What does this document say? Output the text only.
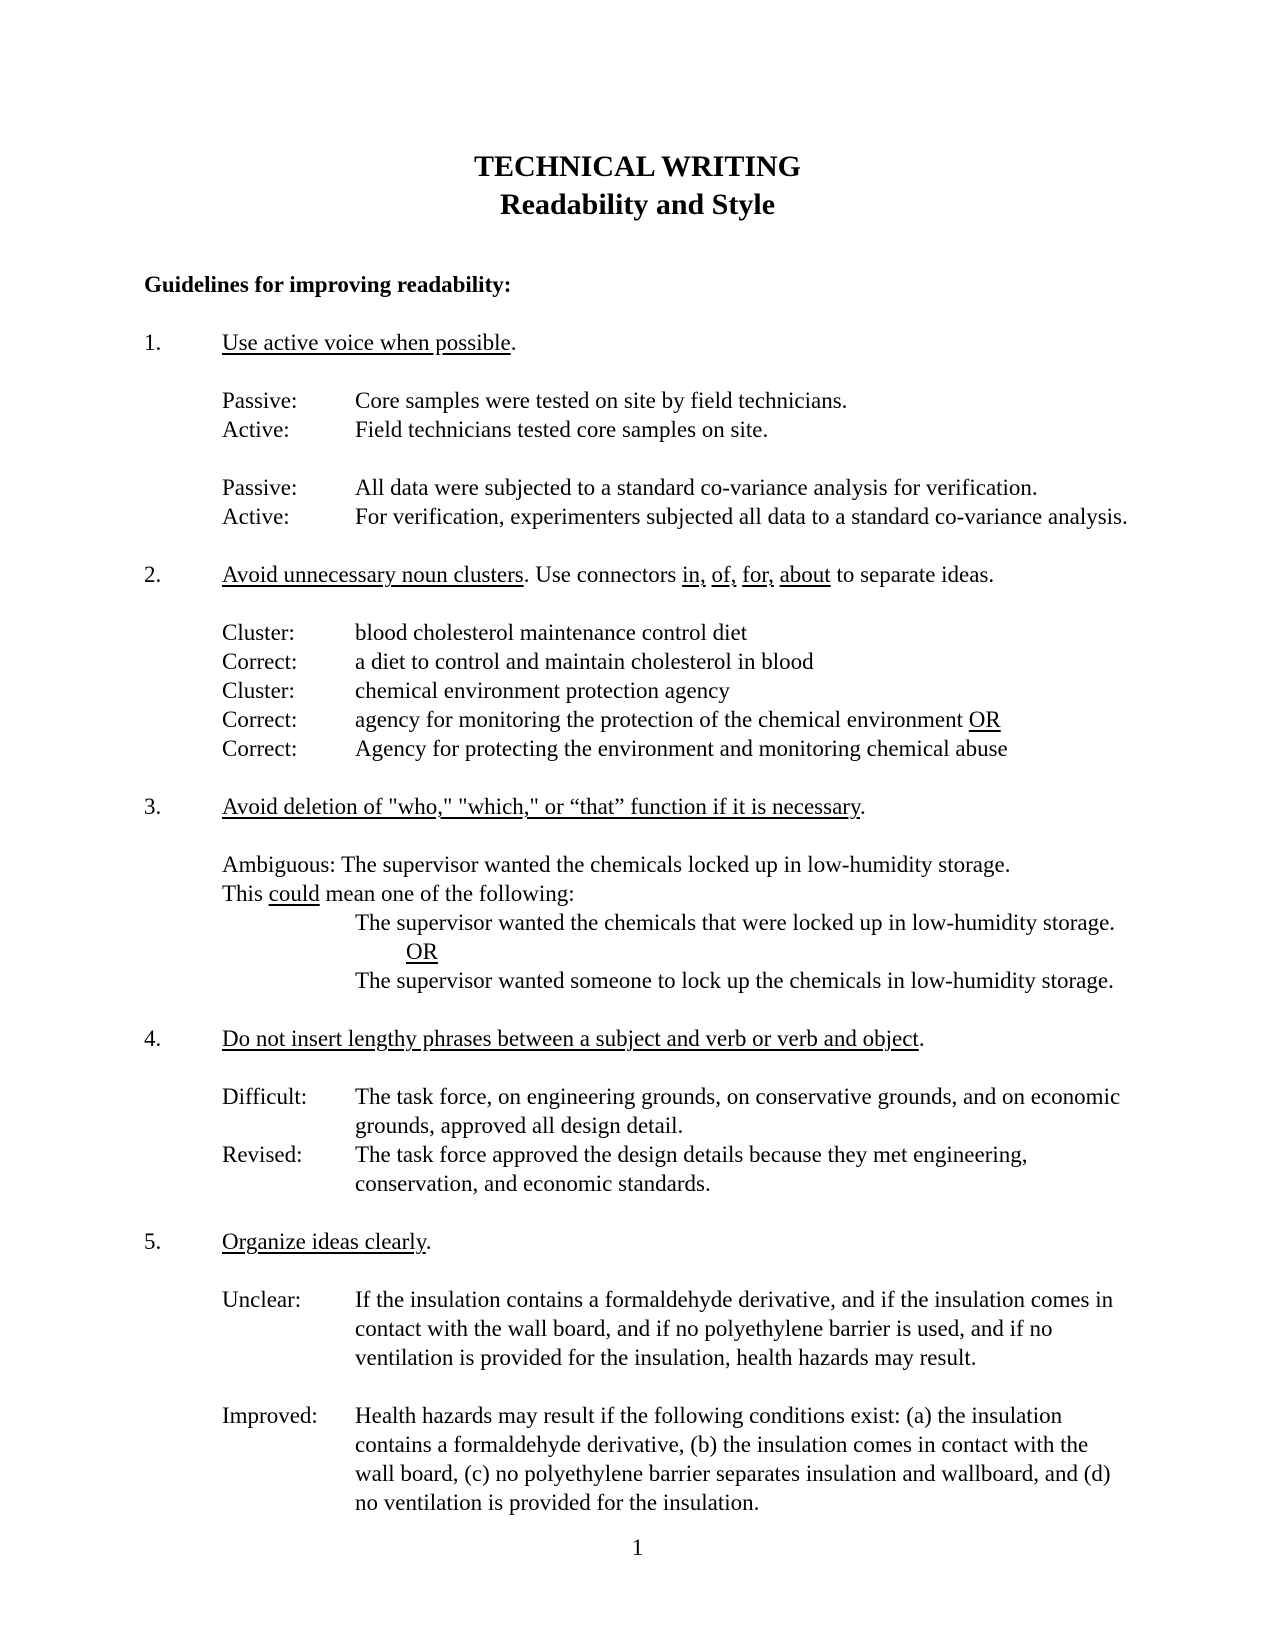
TECHNICAL WRITING
Readability and Style
Guidelines for improving readability:
1.	Use active voice when possible.
Passive:	Core samples were tested on site by field technicians.
Active:	Field technicians tested core samples on site.
Passive:	All data were subjected to a standard co-variance analysis for verification.
Active:	For verification, experimenters subjected all data to a standard co-variance analysis.
2.	Avoid unnecessary noun clusters. Use connectors in, of, for, about to separate ideas.
Cluster:	blood cholesterol maintenance control diet
Correct:	a diet to control and maintain cholesterol in blood
Cluster:	chemical environment protection agency
Correct:	agency for monitoring the protection of the chemical environment OR
Correct:	Agency for protecting the environment and monitoring chemical abuse
3.	Avoid deletion of "who," "which," or “that” function if it is necessary.
Ambiguous: The supervisor wanted the chemicals locked up in low-humidity storage.
This could mean one of the following:
The supervisor wanted the chemicals that were locked up in low-humidity storage.
OR
The supervisor wanted someone to lock up the chemicals in low-humidity storage.
4.	Do not insert lengthy phrases between a subject and verb or verb and object.
Difficult:	The task force, on engineering grounds, on conservative grounds, and on economic
grounds, approved all design detail.
Revised:	The task force approved the design details because they met engineering,
conservation, and economic standards.
5.	Organize ideas clearly.
Unclear:	If the insulation contains a formaldehyde derivative, and if the insulation comes in
contact with the wall board, and if no polyethylene barrier is used, and if no
ventilation is provided for the insulation, health hazards may result.
Improved:	Health hazards may result if the following conditions exist: (a) the insulation
contains a formaldehyde derivative, (b) the insulation comes in contact with the
wall board, (c) no polyethylene barrier separates insulation and wallboard, and (d)
no ventilation is provided for the insulation.
1
